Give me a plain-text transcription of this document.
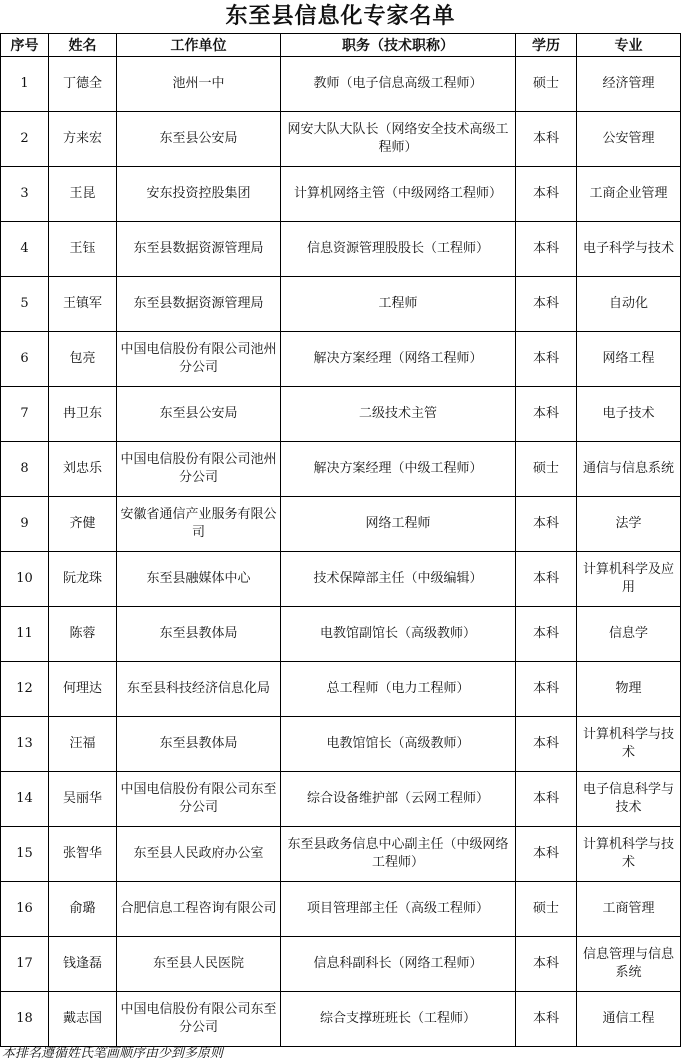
东至县信息化专家名单
序号	姓名	工作单位	职务（技术职称）	学历	专业
1	丁德全	池州一中	教师（电子信息高级工程师）	硕士	经济管理
2	方来宏	东至县公安局	网安大队大队长（网络安全技术高级工程师）	本科	公安管理
3	王昆	安东投资控股集团	计算机网络主管（中级网络工程师）	本科	工商企业管理
4	王钰	东至县数据资源管理局	信息资源管理股股长（工程师）	本科	电子科学与技术
5	王镇军	东至县数据资源管理局	工程师	本科	自动化
6	包亮	中国电信股份有限公司池州分公司	解决方案经理（网络工程师）	本科	网络工程
7	冉卫东	东至县公安局	二级技术主管	本科	电子技术
8	刘忠乐	中国电信股份有限公司池州分公司	解决方案经理（中级工程师）	硕士	通信与信息系统
9	齐健	安徽省通信产业服务有限公司	网络工程师	本科	法学
10	阮龙珠	东至县融媒体中心	技术保障部主任（中级编辑）	本科	计算机科学及应用
11	陈蓉	东至县教体局	电教馆副馆长（高级教师）	本科	信息学
12	何理达	东至县科技经济信息化局	总工程师（电力工程师）	本科	物理
13	汪福	东至县教体局	电教馆馆长（高级教师）	本科	计算机科学与技术
14	吴丽华	中国电信股份有限公司东至分公司	综合设备维护部（云网工程师）	本科	电子信息科学与技术
15	张智华	东至县人民政府办公室	东至县政务信息中心副主任（中级网络工程师）	本科	计算机科学与技术
16	俞璐	合肥信息工程咨询有限公司	项目管理部主任（高级工程师）	硕士	工商管理
17	钱逢磊	东至县人民医院	信息科副科长（网络工程师）	本科	信息管理与信息系统
18	戴志国	中国电信股份有限公司东至分公司	综合支撑班班长（工程师）	本科	通信工程
本排名遵循姓氏笔画顺序由少到多原则
